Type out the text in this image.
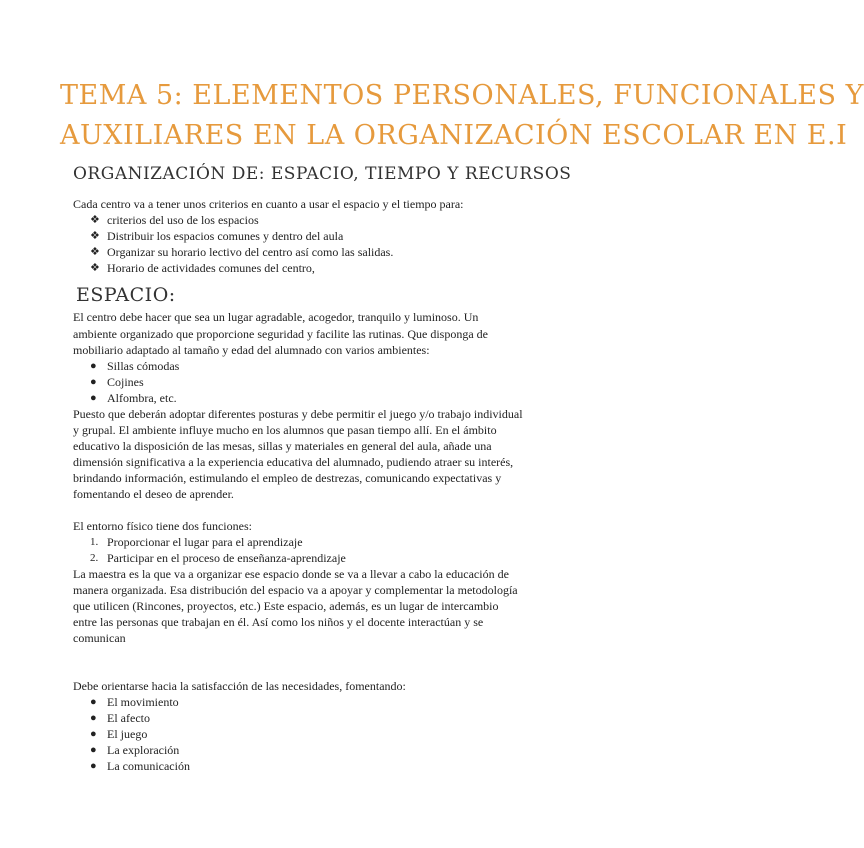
TEMA 5: ELEMENTOS PERSONALES, FUNCIONALES Y
AUXILIARES EN LA ORGANIZACIÓN ESCOLAR EN E.I
ORGANIZACIÓN DE: ESPACIO, TIEMPO Y RECURSOS
Cada centro va a tener unos criterios en cuanto a usar el espacio y el tiempo para:
❖ criterios del uso de los espacios
❖ Distribuir los espacios comunes y dentro del aula
❖ Organizar su horario lectivo del centro así como las salidas.
❖ Horario de actividades comunes del centro,
ESPACIO:
El centro debe hacer que sea un lugar agradable, acogedor, tranquilo y luminoso. Un
ambiente organizado que proporcione seguridad y facilite las rutinas. Que disponga de
mobiliario adaptado al tamaño y edad del alumnado con varios ambientes:
● Sillas cómodas
● Cojines
● Alfombra, etc.
Puesto que deberán adoptar diferentes posturas y debe permitir el juego y/o trabajo individual
y grupal. El ambiente influye mucho en los alumnos que pasan tiempo allí. En el ámbito
educativo la disposición de las mesas, sillas y materiales en general del aula, añade una
dimensión significativa a la experiencia educativa del alumnado, pudiendo atraer su interés,
brindando información, estimulando el empleo de destrezas, comunicando expectativas y
fomentando el deseo de aprender.
El entorno físico tiene dos funciones:
1. Proporcionar el lugar para el aprendizaje
2. Participar en el proceso de enseñanza-aprendizaje
La maestra es la que va a organizar ese espacio donde se va a llevar a cabo la educación de
manera organizada. Esa distribución del espacio va a apoyar y complementar la metodología
que utilicen (Rincones, proyectos, etc.) Este espacio, además, es un lugar de intercambio
entre las personas que trabajan en él. Así como los niños y el docente interactúan y se
comunican
Debe orientarse hacia la satisfacción de las necesidades, fomentando:
● El movimiento
● El afecto
● El juego
● La exploración
● La comunicación
